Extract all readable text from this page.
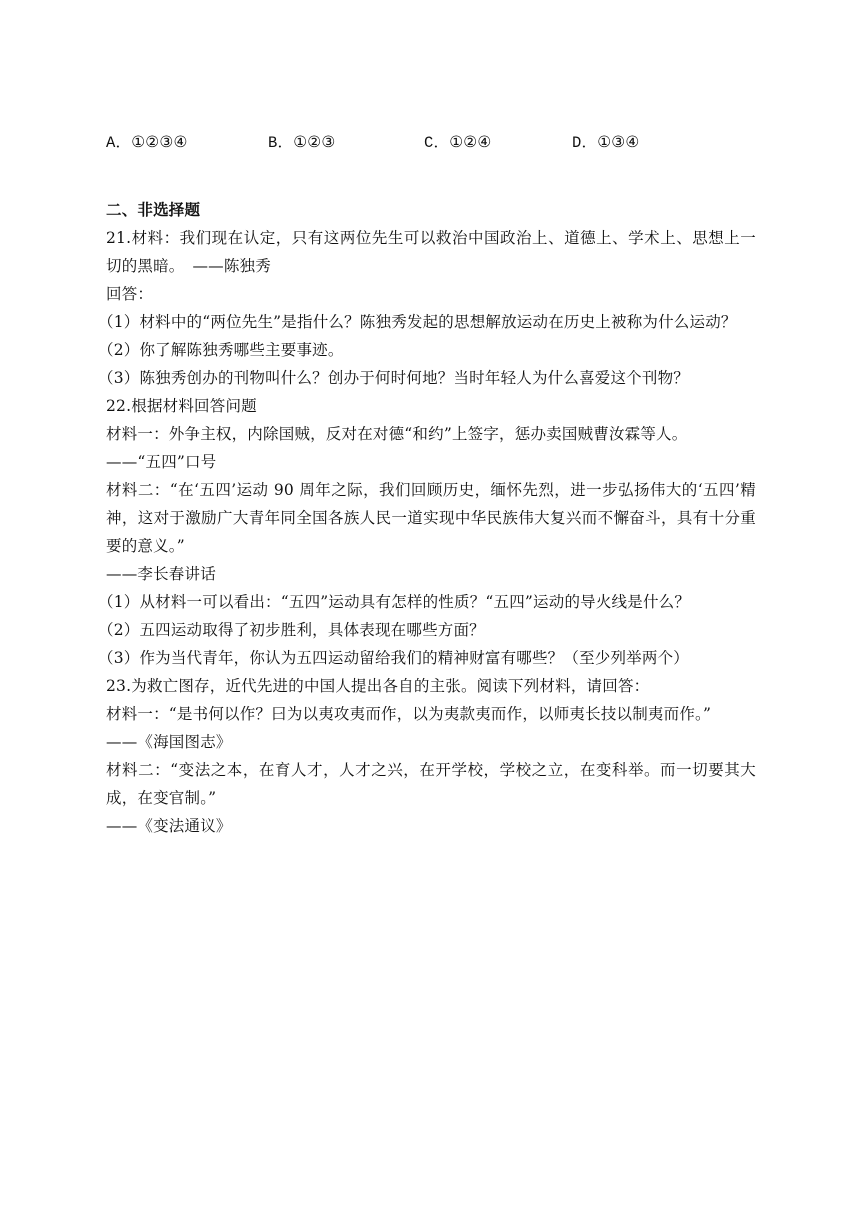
A．①②③④	B．①②③	C．①②④	D．①③④
二、非选择题

21.材料：我们现在认定，只有这两位先生可以救治中国政治上、道德上、学术上、思想上一切的黑暗。　——陈独秀

回答：

（1）材料中的“两位先生”是指什么？陈独秀发起的思想解放运动在历史上被称为什么运动？

（2）你了解陈独秀哪些主要事迹。

（3）陈独秀创办的刊物叫什么？创办于何时何地？当时年轻人为什么喜爱这个刊物？

22.根据材料回答问题

材料一：外争主权，内除国贼，反对在对德“和约”上签字，惩办卖国贼曹汝霖等人。

——“五四”口号

材料二：“在‘五四’运动 90 周年之际，我们回顾历史，缅怀先烈，进一步弘扬伟大的‘五四’精神，这对于激励广大青年同全国各族人民一道实现中华民族伟大复兴而不懈奋斗，具有十分重要的意义。”

——李长春讲话

（1）从材料一可以看出：“五四”运动具有怎样的性质？“五四”运动的导火线是什么？

（2）五四运动取得了初步胜利，具体表现在哪些方面？

（3）作为当代青年，你认为五四运动留给我们的精神财富有哪些？（至少列举两个）

23.为救亡图存，近代先进的中国人提出各自的主张。阅读下列材料，请回答：

材料一：“是书何以作？曰为以夷攻夷而作，以为夷款夷而作，以师夷长技以制夷而作。”

——《海国图志》

材料二：“变法之本，在育人才，人才之兴，在开学校，学校之立，在变科举。而一切要其大成，在变官制。”

——《变法通议》
